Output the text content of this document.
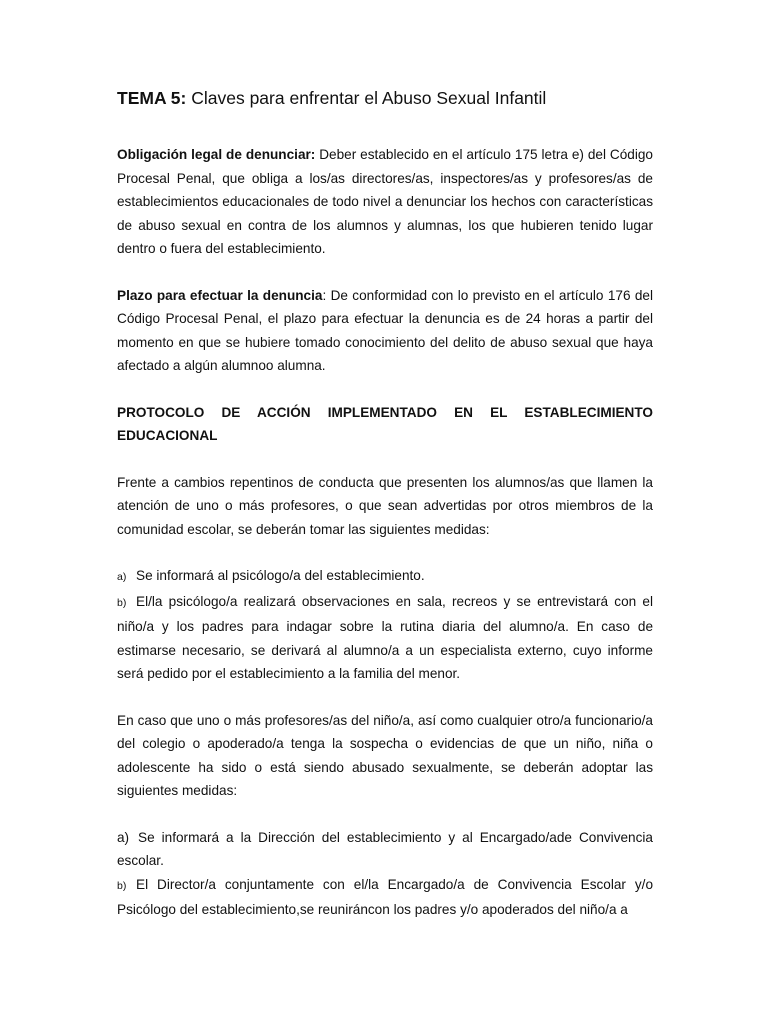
TEMA 5: Claves para enfrentar el Abuso Sexual Infantil

Obligación legal de denunciar: Deber establecido en el artículo 175 letra e) del Código Procesal Penal, que obliga a los/as directores/as, inspectores/as y profesores/as de establecimientos educacionales de todo nivel a denunciar los hechos con características de abuso sexual en contra de los alumnos y alumnas, los que hubieren tenido lugar dentro o fuera del establecimiento.

Plazo para efectuar la denuncia: De conformidad con lo previsto en el artículo 176 del Código Procesal Penal, el plazo para efectuar la denuncia es de 24 horas a partir del momento en que se hubiere tomado conocimiento del delito de abuso sexual que haya afectado a algún alumnoo alumna.

PROTOCOLO DE ACCIÓN IMPLEMENTADO EN EL ESTABLECIMIENTO EDUCACIONAL

Frente a cambios repentinos de conducta que presenten los alumnos/as que llamen la atención de uno o más profesores, o que sean advertidas por otros miembros de la comunidad escolar, se deberán tomar las siguientes medidas:

a) Se informará al psicólogo/a del establecimiento.

b) El/la psicólogo/a realizará observaciones en sala, recreos y se entrevistará con el niño/a y los padres para indagar sobre la rutina diaria del alumno/a. En caso de estimarse necesario, se derivará al alumno/a a un especialista externo, cuyo informe será pedido por el establecimiento a la familia del menor.

En caso que uno o más profesores/as del niño/a, así como cualquier otro/a funcionario/a del colegio o apoderado/a tenga la sospecha o evidencias de que un niño, niña o adolescente ha sido o está siendo abusado sexualmente, se deberán adoptar las siguientes medidas:

a) Se informará a la Dirección del establecimiento y al Encargado/ade Convivencia escolar.

b) El Director/a conjuntamente con el/la Encargado/a de Convivencia Escolar y/o Psicólogo del establecimiento,se reuniráncon los padres y/o apoderados del niño/a a
